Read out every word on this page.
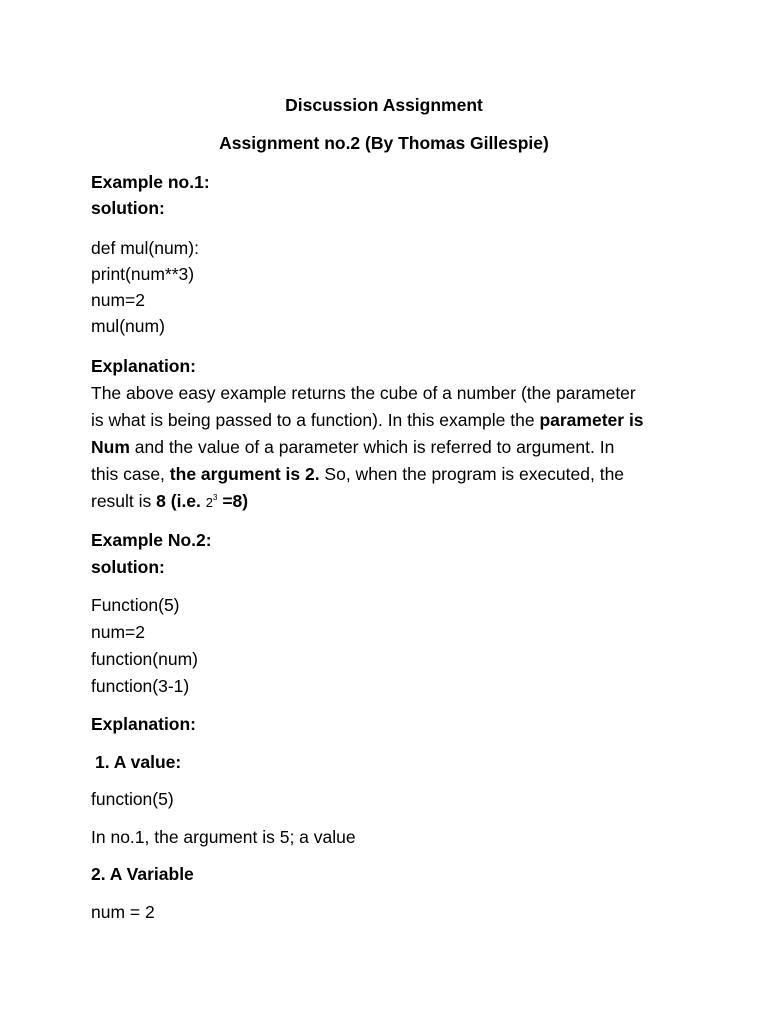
Discussion Assignment
Assignment no.2 (By Thomas Gillespie)
Example no.1:
solution:
def mul(num):
print(num**3)
num=2
mul(num)
Explanation:
The above easy example returns the cube of a number (the parameter
is what is being passed to a function). In this example the parameter is
Num and the value of a parameter which is referred to argument. In
this case, the argument is 2. So, when the program is executed, the
result is 8 (i.e. $2^3 =8$)
Example No.2:
solution:
Function(5)
num=2
function(num)
function(3-1)
Explanation:
1. A value:
function(5)
In no.1, the argument is 5; a value
2. A Variable
num = 2
